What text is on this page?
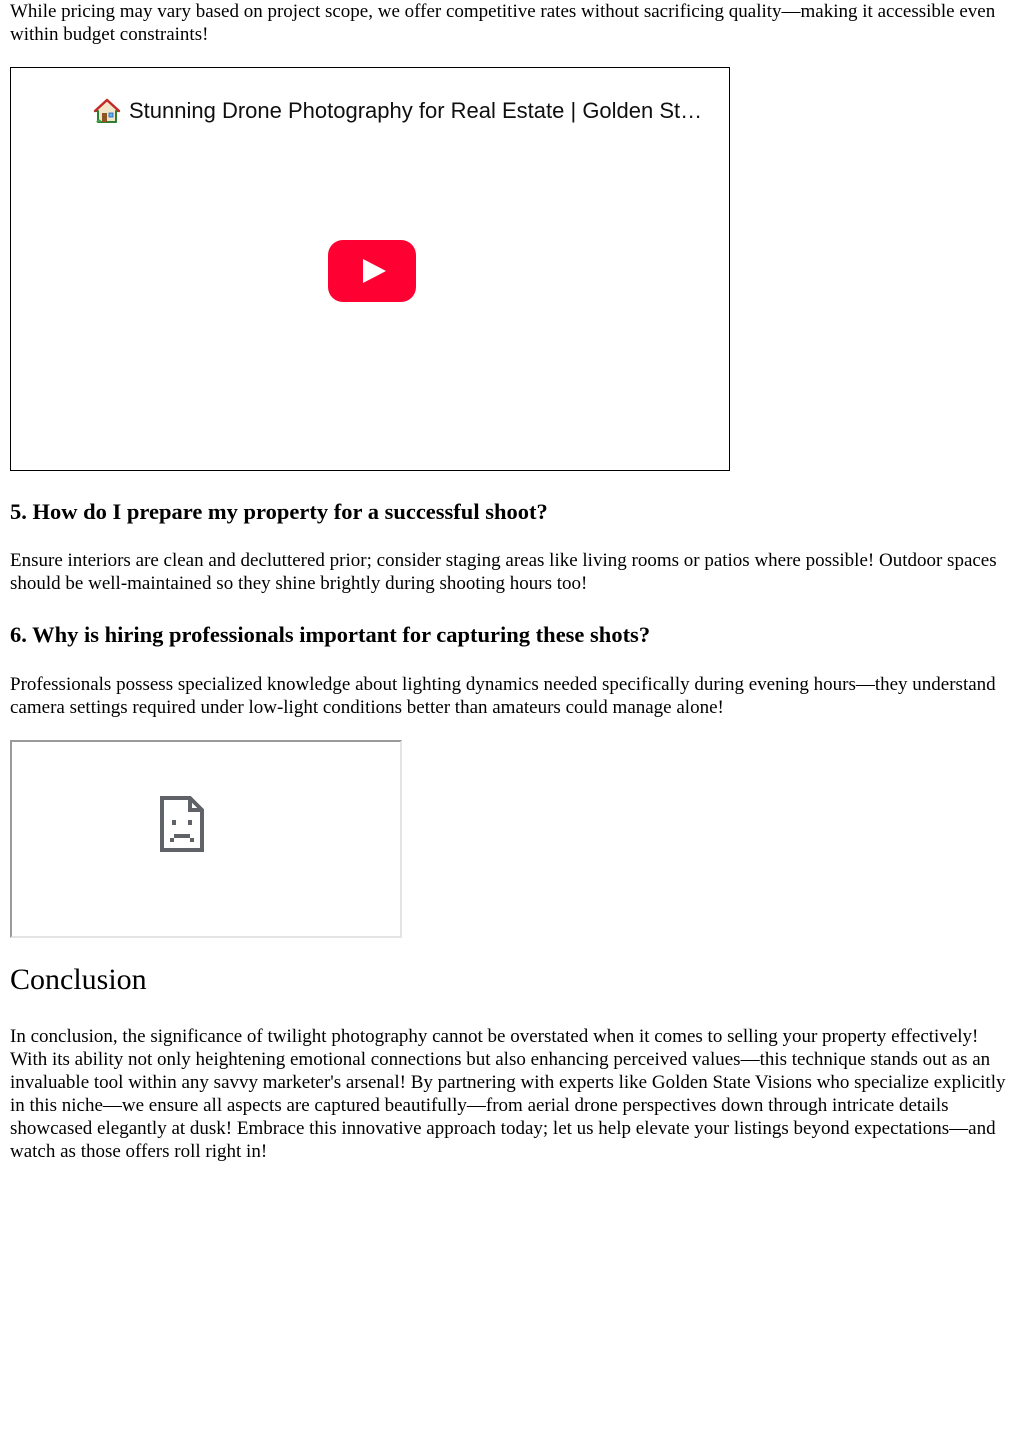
While pricing may vary based on project scope, we offer competitive rates without sacrificing quality—making it accessible even within budget constraints!

Stunning Drone Photography for Real Estate | Golden St…
5. How do I prepare my property for a successful shoot?

Ensure interiors are clean and decluttered prior; consider staging areas like living rooms or patios where possible! Outdoor spaces should be well-maintained so they shine brightly during shooting hours too!

6. Why is hiring professionals important for capturing these shots?

Professionals possess specialized knowledge about lighting dynamics needed specifically during evening hours—they understand camera settings required under low-light conditions better than amateurs could manage alone!

Conclusion

In conclusion, the significance of twilight photography cannot be overstated when it comes to selling your property effectively! With its ability not only heightening emotional connections but also enhancing perceived values—this technique stands out as an invaluable tool within any savvy marketer's arsenal! By partnering with experts like Golden State Visions who specialize explicitly in this niche—we ensure all aspects are captured beautifully—from aerial drone perspectives down through intricate details showcased elegantly at dusk! Embrace this innovative approach today; let us help elevate your listings beyond expectations—and watch as those offers roll right in!
